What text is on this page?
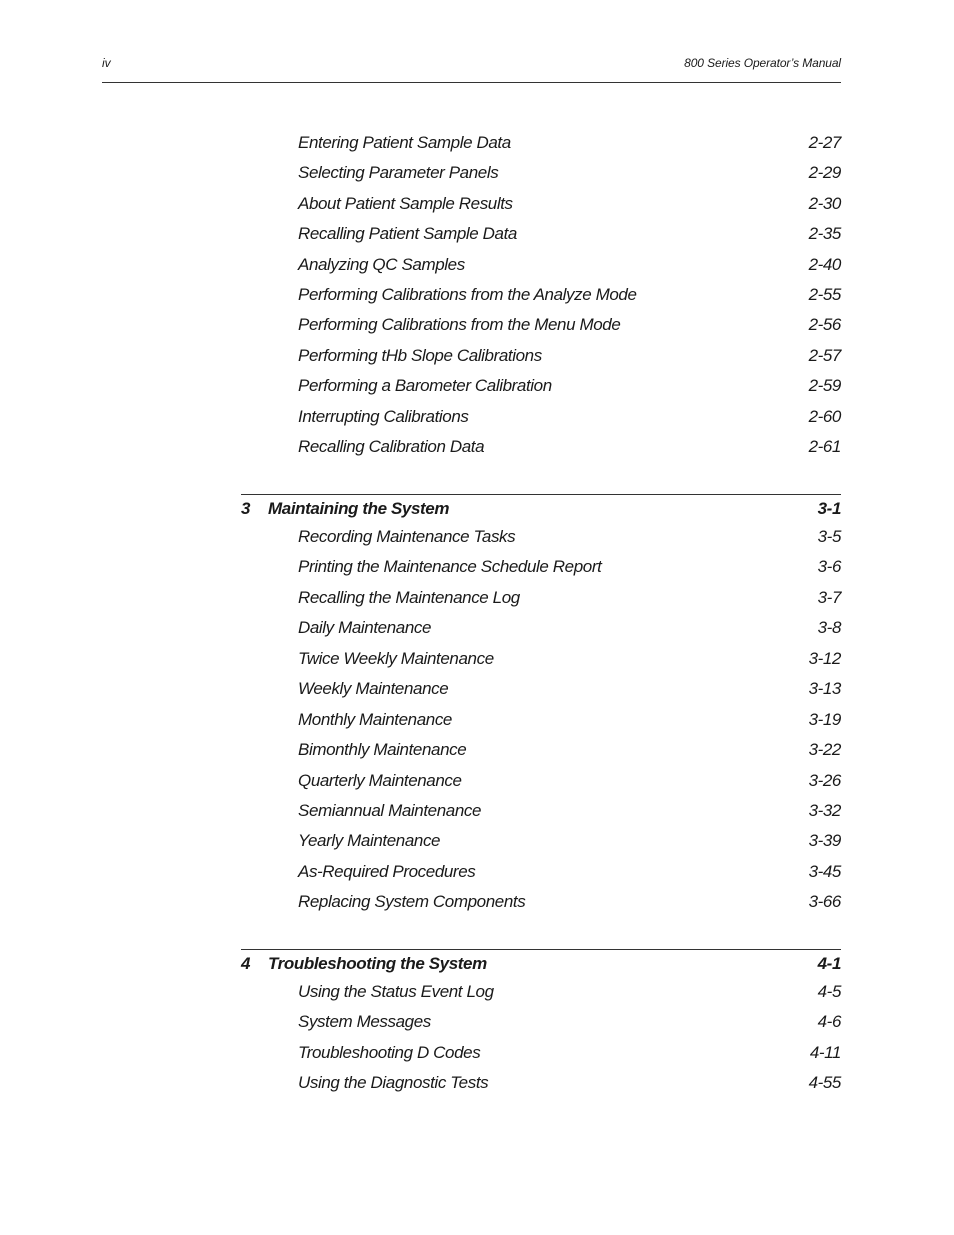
iv	800 Series Operator’s Manual
Entering Patient Sample Data	2-27
Selecting Parameter Panels	2-29
About Patient Sample Results	2-30
Recalling Patient Sample Data	2-35
Analyzing QC Samples	2-40
Performing Calibrations from the Analyze Mode	2-55
Performing Calibrations from the Menu Mode	2-56
Performing tHb Slope Calibrations	2-57
Performing a Barometer Calibration	2-59
Interrupting Calibrations	2-60
Recalling Calibration Data	2-61
3 Maintaining the System	3-1
Recording Maintenance Tasks	3-5
Printing the Maintenance Schedule Report	3-6
Recalling the Maintenance Log	3-7
Daily Maintenance	3-8
Twice Weekly Maintenance	3-12
Weekly Maintenance	3-13
Monthly Maintenance	3-19
Bimonthly Maintenance	3-22
Quarterly Maintenance	3-26
Semiannual Maintenance	3-32
Yearly Maintenance	3-39
As-Required Procedures	3-45
Replacing System Components	3-66
4 Troubleshooting the System	4-1
Using the Status Event Log	4-5
System Messages	4-6
Troubleshooting D Codes	4-11
Using the Diagnostic Tests	4-55
